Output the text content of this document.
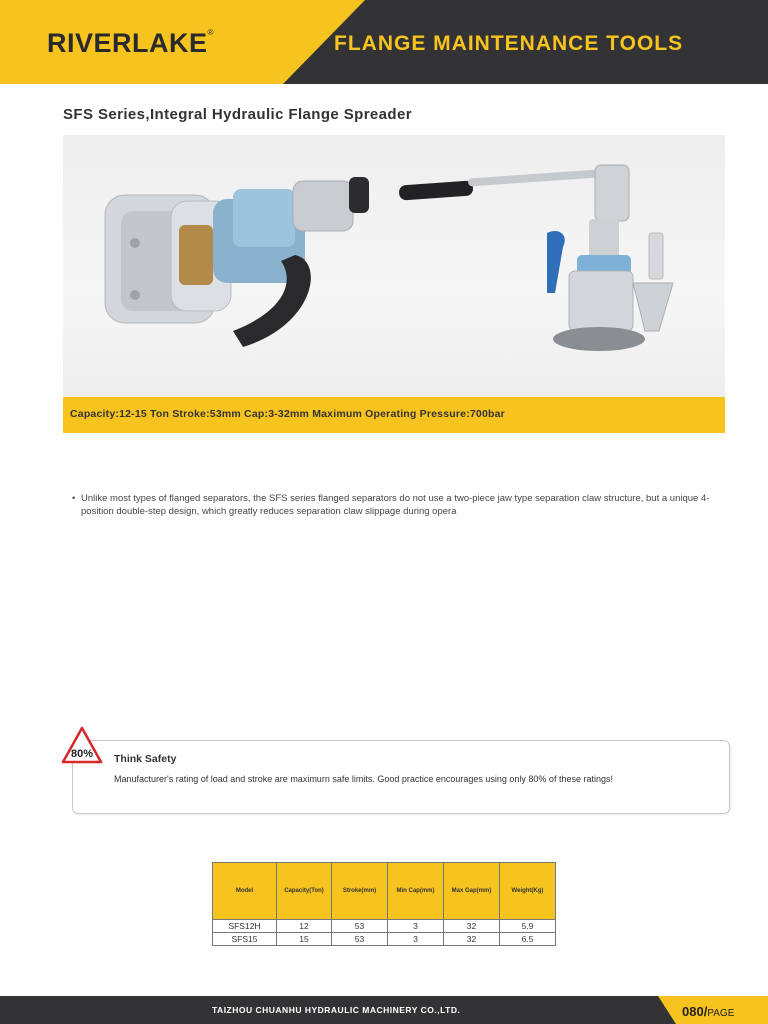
RIVERLAKE®	FLANGE MAINTENANCE TOOLS
SFS Series,Integral Hydraulic Flange Spreader
Capacity:12-15 Ton Stroke:53mm Cap:3-32mm Maximum Operating Pressure:700bar
• Unlike most types of flanged separators, the SFS series flanged separators do not use a two-piece jaw type separation claw structure, but a unique 4-position double-step design, which greatly reduces separation claw slippage during opera
80% Think Safety
Manufacturer's rating of load and stroke are maximurn safe limits. Good practice encourages using only 80% of these ratings!
Model	Capacity(Ton)	Stroke(mm)	Min Cap(mm)	Max Gap(mm)	Weight(Kg)
SFS12H	12	53	3	32	5.9
SFS15	15	53	3	32	6.5
TAIZHOU CHUANHU HYDRAULIC MACHINERY CO.,LTD.	080/PAGE
